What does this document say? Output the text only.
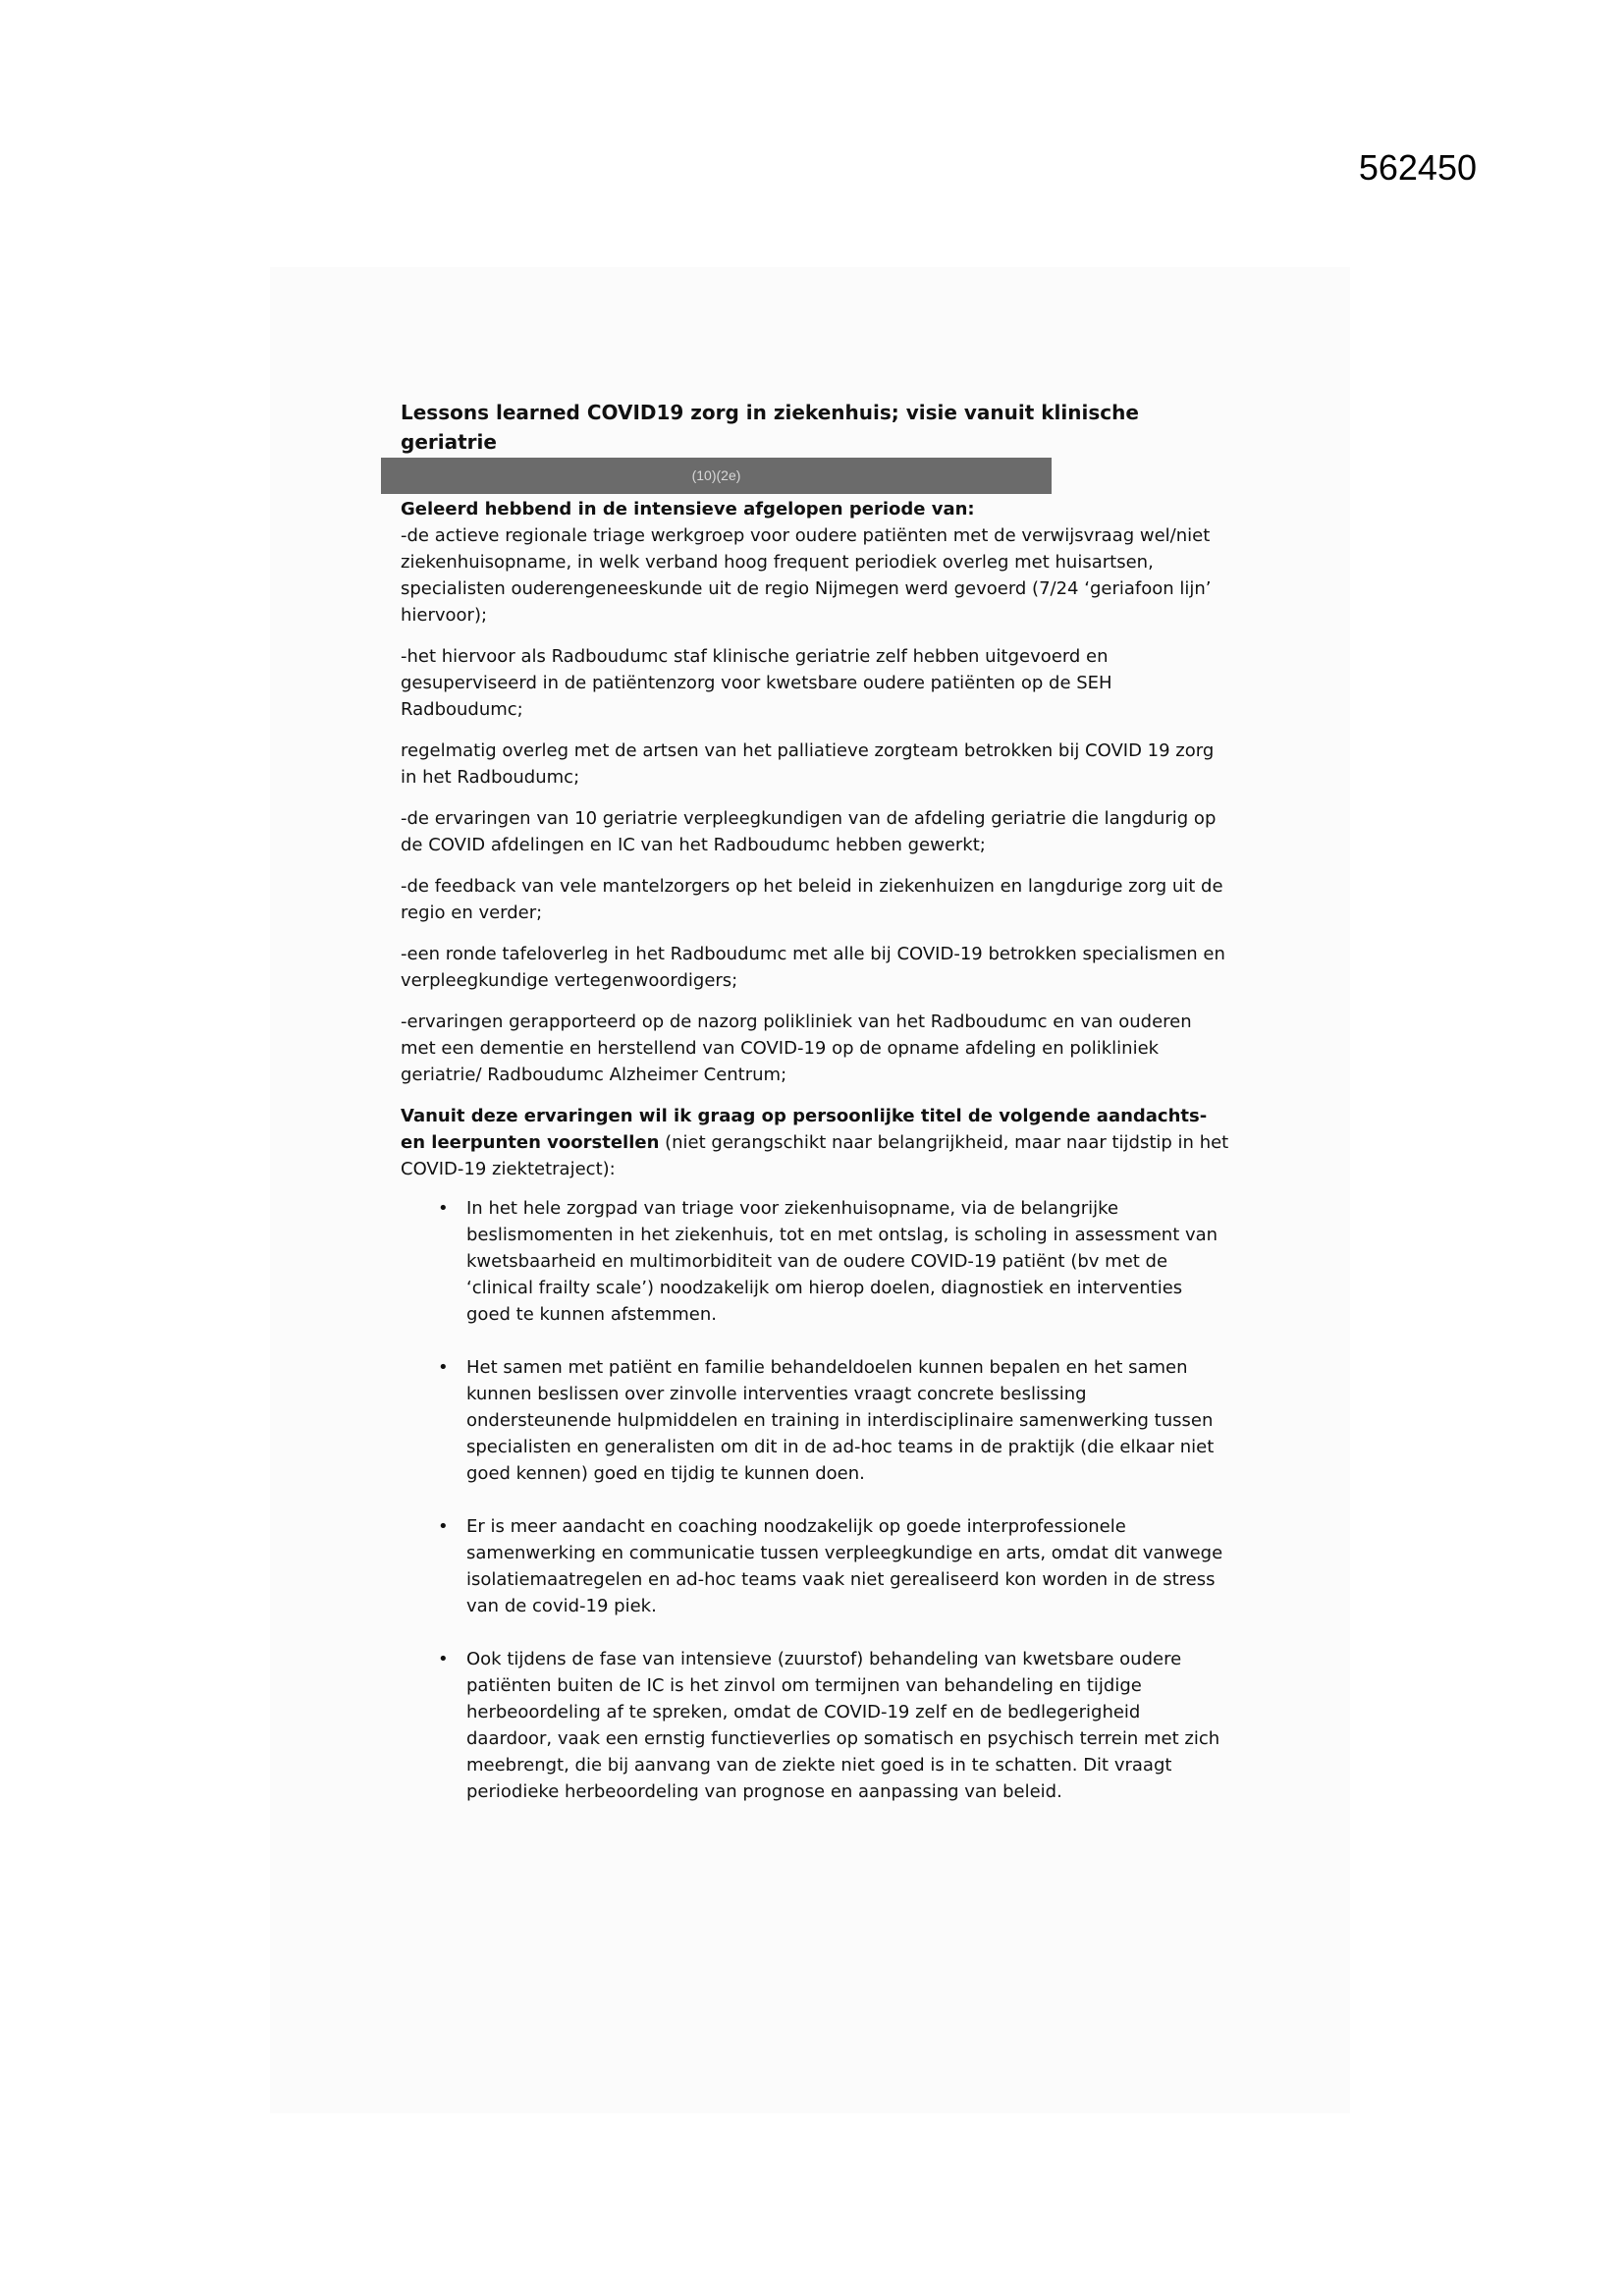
562450
Lessons learned COVID19 zorg in ziekenhuis; visie vanuit klinische geriatrie
(10)(2e)
Geleerd hebbend in de intensieve afgelopen periode van:

-de actieve regionale triage werkgroep voor oudere patiënten met de verwijsvraag wel/niet ziekenhuisopname, in welk verband hoog frequent periodiek overleg met huisartsen, specialisten ouderengeneeskunde uit de regio Nijmegen werd gevoerd (7/24 ‘geriafoon lijn’ hiervoor);

-het hiervoor als Radboudumc staf klinische geriatrie zelf hebben uitgevoerd en gesuperviseerd in de patiëntenzorg voor kwetsbare oudere patiënten op de SEH Radboudumc;

regelmatig overleg met de artsen van het palliatieve zorgteam betrokken bij COVID 19 zorg in het Radboudumc;

-de ervaringen van 10 geriatrie verpleegkundigen van de afdeling geriatrie die langdurig op de COVID afdelingen en IC van het Radboudumc hebben gewerkt;

-de feedback van vele mantelzorgers op het beleid in ziekenhuizen en langdurige zorg uit de regio en verder;

-een ronde tafeloverleg in het Radboudumc met alle bij COVID-19 betrokken specialismen en verpleegkundige vertegenwoordigers;

-ervaringen gerapporteerd op de nazorg polikliniek van het Radboudumc en van ouderen met een dementie en herstellend van COVID-19 op de opname afdeling en polikliniek geriatrie/ Radboudumc Alzheimer Centrum;

Vanuit deze ervaringen wil ik graag op persoonlijke titel de volgende aandachts- en leerpunten voorstellen (niet gerangschikt naar belangrijkheid, maar naar tijdstip in het COVID-19 ziektetraject):

• In het hele zorgpad van triage voor ziekenhuisopname, via de belangrijke beslismomenten in het ziekenhuis, tot en met ontslag, is scholing in assessment van kwetsbaarheid en multimorbiditeit van de oudere COVID-19 patiënt (bv met de ‘clinical frailty scale’) noodzakelijk om hierop doelen, diagnostiek en interventies goed te kunnen afstemmen.
• Het samen met patiënt en familie behandeldoelen kunnen bepalen en het samen kunnen beslissen over zinvolle interventies vraagt concrete beslissing ondersteunende hulpmiddelen en training in interdisciplinaire samenwerking tussen specialisten en generalisten om dit in de ad-hoc teams in de praktijk (die elkaar niet goed kennen) goed en tijdig te kunnen doen.
• Er is meer aandacht en coaching noodzakelijk op goede interprofessionele samenwerking en communicatie tussen verpleegkundige en arts, omdat dit vanwege isolatiemaatregelen en ad-hoc teams vaak niet gerealiseerd kon worden in de stress van de covid-19 piek.
• Ook tijdens de fase van intensieve (zuurstof) behandeling van kwetsbare oudere patiënten buiten de IC is het zinvol om termijnen van behandeling en tijdige herbeoordeling af te spreken, omdat de COVID-19 zelf en de bedlegerigheid daardoor, vaak een ernstig functieverlies op somatisch en psychisch terrein met zich meebrengt, die bij aanvang van de ziekte niet goed is in te schatten. Dit vraagt periodieke herbeoordeling van prognose en aanpassing van beleid.
